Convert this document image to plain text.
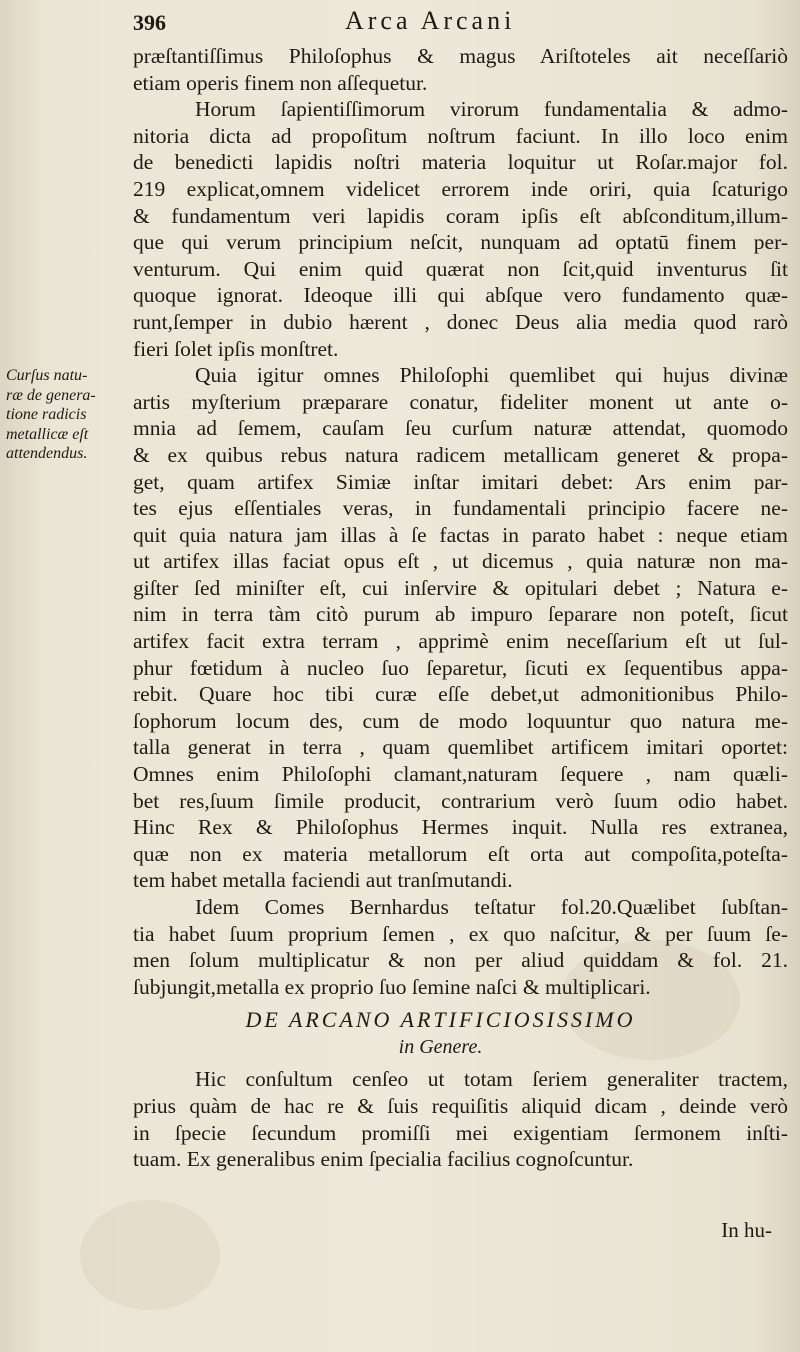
396	Arca Arcani
Curſus natu-
ræ de genera-
tione radicis
metallicæ eſt
attendendus.
præſtantiſſimus Philoſophus & magus Ariſtoteles ait neceſſariò
etiam operis finem non aſſequetur.
Horum ſapientiſſimorum virorum fundamentalia & admo-
nitoria dicta ad propoſitum noſtrum faciunt. In illo loco enim
de benedicti lapidis noſtri materia loquitur ut Roſar.major fol.
219 explicat,omnem videlicet errorem inde oriri, quia ſcaturigo
& fundamentum veri lapidis coram ipſis eſt abſconditum,illum-
que qui verum principium neſcit, nunquam ad optatū finem per-
venturum. Qui enim quid quærat non ſcit,quid inventurus ſit
quoque ignorat. Ideoque illi qui abſque vero fundamento quæ-
runt,ſemper in dubio hærent , donec Deus alia media quod rarò
fieri ſolet ipſis monſtret.
Quia igitur omnes Philoſophi quemlibet qui hujus divinæ
artis myſterium præparare conatur, fideliter monent ut ante o-
mnia ad ſemem, cauſam ſeu curſum naturæ attendat, quomodo
& ex quibus rebus natura radicem metallicam generet & propa-
get, quam artifex Simiæ inſtar imitari debet: Ars enim par-
tes ejus eſſentiales veras, in fundamentali principio facere ne-
quit quia natura jam illas à ſe factas in parato habet : neque etiam
ut artifex illas faciat opus eſt , ut dicemus , quia naturæ non ma-
giſter ſed miniſter eſt, cui inſervire & opitulari debet ; Natura e-
nim in terra tàm citò purum ab impuro ſeparare non poteſt, ſicut
artifex facit extra terram , apprimè enim neceſſarium eſt ut ſul-
phur fœtidum à nucleo ſuo ſeparetur, ſicuti ex ſequentibus appa-
rebit. Quare hoc tibi curæ eſſe debet,ut admonitionibus Philo-
ſophorum locum des, cum de modo loquuntur quo natura me-
talla generat in terra , quam quemlibet artificem imitari oportet:
Omnes enim Philoſophi clamant,naturam ſequere , nam quæli-
bet res,ſuum ſimile producit, contrarium verò ſuum odio habet.
Hinc Rex & Philoſophus Hermes inquit. Nulla res extranea,
quæ non ex materia metallorum eſt orta aut compoſita,poteſta-
tem habet metalla faciendi aut tranſmutandi.
Idem Comes Bernhardus teſtatur fol.20.Quælibet ſubſtan-
tia habet ſuum proprium ſemen , ex quo naſcitur, & per ſuum ſe-
men ſolum multiplicatur & non per aliud quiddam & fol. 21.
ſubjungit,metalla ex proprio ſuo ſemine naſci & multiplicari.
DE ARCANO ARTIFICIOSISSIMO
in Genere.
Hic conſultum cenſeo ut totam ſeriem generaliter tractem,
prius quàm de hac re & ſuis requiſitis aliquid dicam , deinde verò
in ſpecie ſecundum promiſſi mei exigentiam ſermonem inſti-
tuam. Ex generalibus enim ſpecialia facilius cognoſcuntur.
In hu-
